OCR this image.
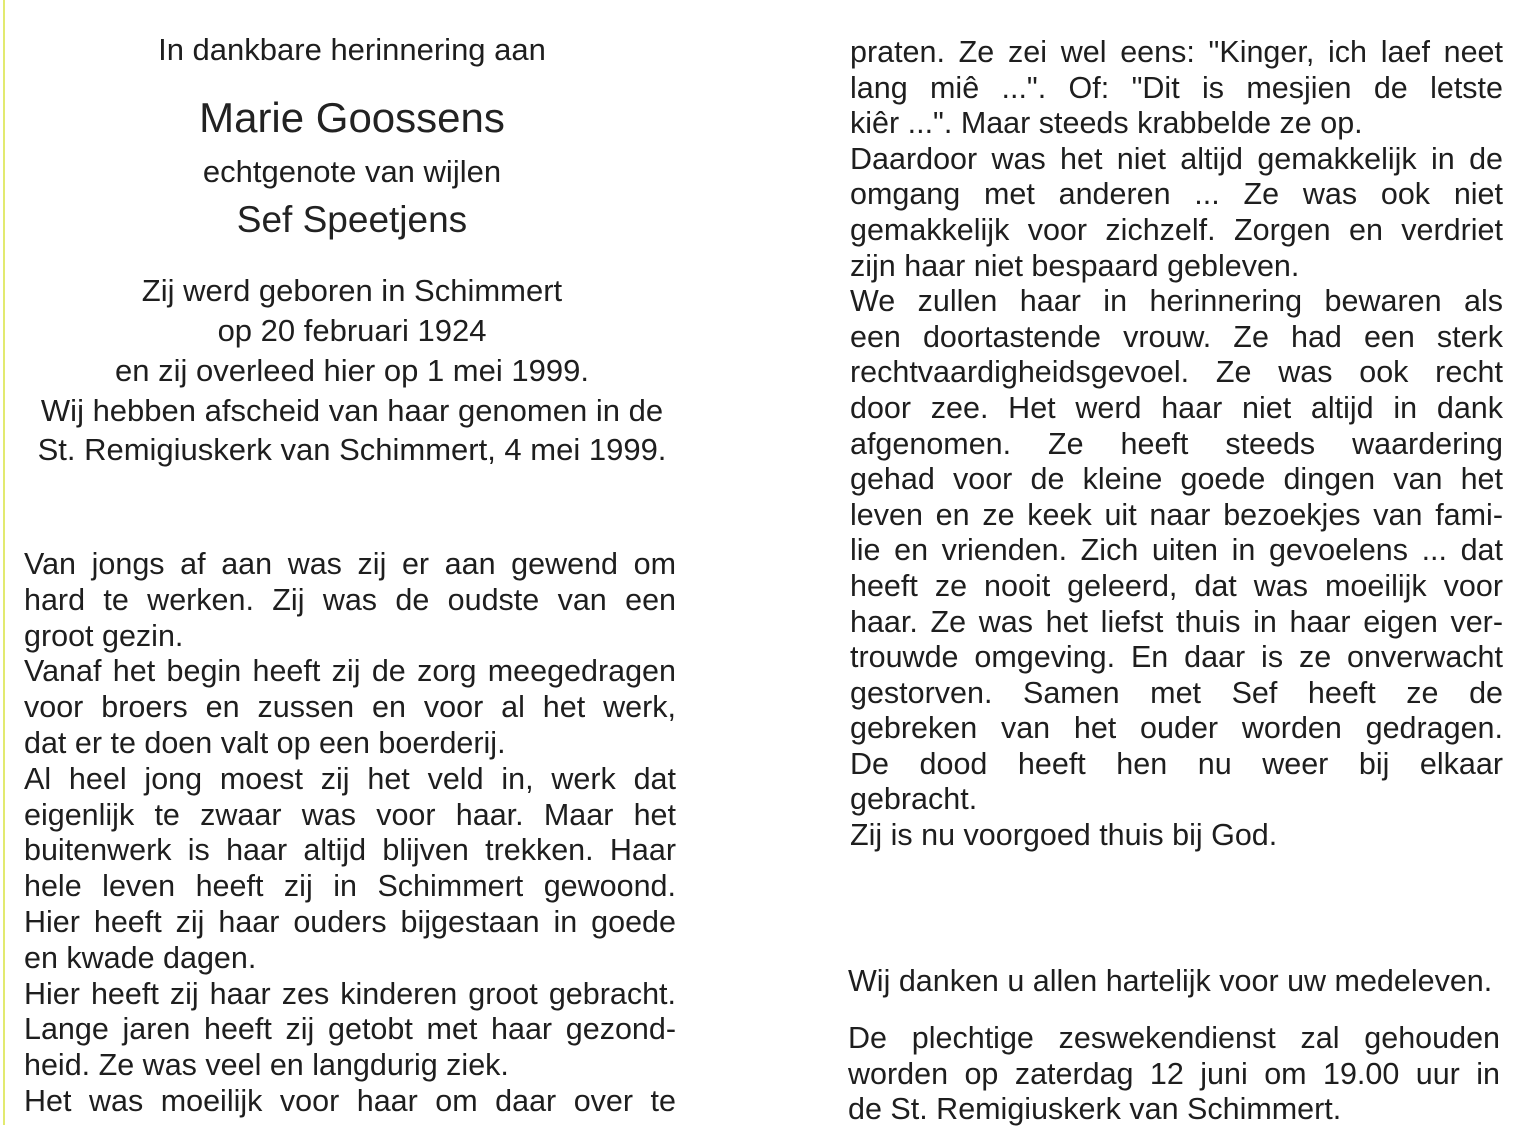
In dankbare herinnering aan

Marie Goossens

echtgenote van wijlen

Sef Speetjens

Zij werd geboren in Schimmert

op 20 februari 1924

en zij overleed hier op 1 mei 1999.

Wij hebben afscheid van haar genomen in de

St. Remigiuskerk van Schimmert, 4 mei 1999.

Van jongs af aan was zij er aan gewend om
hard te werken. Zij was de oudste van een
groot gezin.
Vanaf het begin heeft zij de zorg meegedragen
voor broers en zussen en voor al het werk,
dat er te doen valt op een boerderij.
Al heel jong moest zij het veld in, werk dat
eigenlijk te zwaar was voor haar. Maar het
buitenwerk is haar altijd blijven trekken. Haar
hele leven heeft zij in Schimmert gewoond.
Hier heeft zij haar ouders bijgestaan in goede
en kwade dagen.
Hier heeft zij haar zes kinderen groot gebracht.
Lange jaren heeft zij getobt met haar gezond-
heid. Ze was veel en langdurig ziek.
Het was moeilijk voor haar om daar over te
praten. Ze zei wel eens: "Kinger, ich laef neet
lang miê ...". Of: "Dit is mesjien de letste
kiêr ...". Maar steeds krabbelde ze op.
Daardoor was het niet altijd gemakkelijk in de
omgang met anderen ... Ze was ook niet
gemakkelijk voor zichzelf. Zorgen en verdriet
zijn haar niet bespaard gebleven.
We zullen haar in herinnering bewaren als
een doortastende vrouw. Ze had een sterk
rechtvaardigheidsgevoel. Ze was ook recht
door zee. Het werd haar niet altijd in dank
afgenomen. Ze heeft steeds waardering
gehad voor de kleine goede dingen van het
leven en ze keek uit naar bezoekjes van fami-
lie en vrienden. Zich uiten in gevoelens ... dat
heeft ze nooit geleerd, dat was moeilijk voor
haar. Ze was het liefst thuis in haar eigen ver-
trouwde omgeving. En daar is ze onverwacht
gestorven. Samen met Sef heeft ze de
gebreken van het ouder worden gedragen.
De dood heeft hen nu weer bij elkaar
gebracht.
Zij is nu voorgoed thuis bij God.

Wij danken u allen hartelijk voor uw medeleven.

De plechtige zeswekendienst zal gehouden
worden op zaterdag 12 juni om 19.00 uur in
de St. Remigiuskerk van Schimmert.
